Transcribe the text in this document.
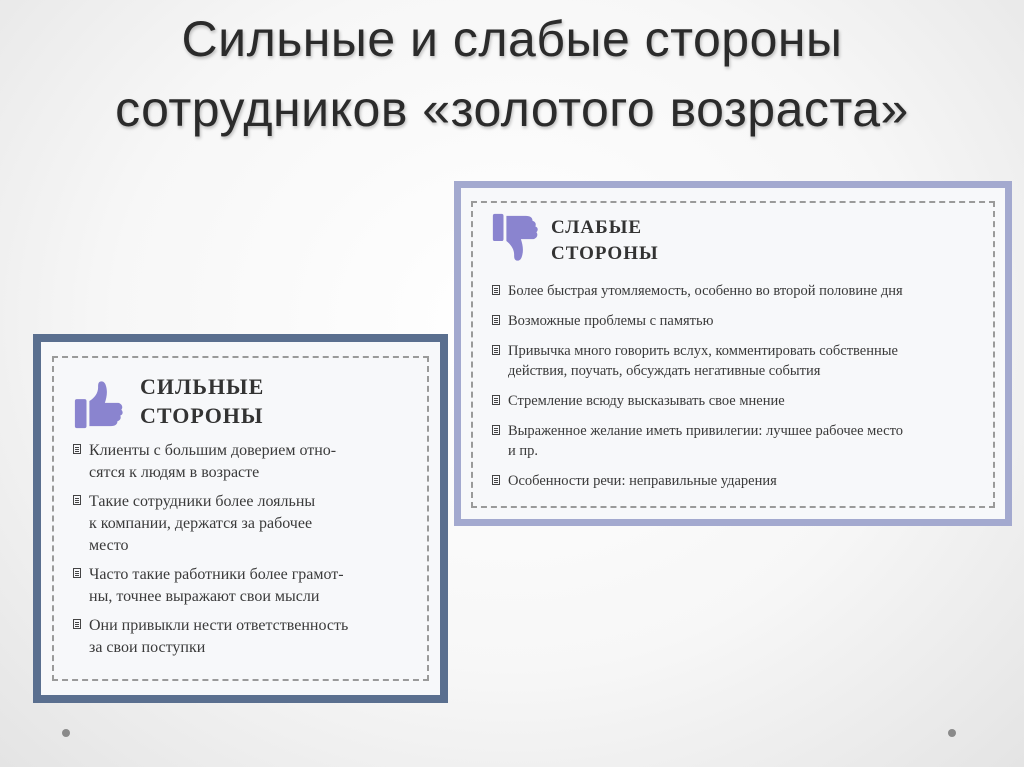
Сильные и слабые стороны
сотрудников «золотого возраста»
СЛАБЫЕ
СТОРОНЫ
Более быстрая утомляемость, особенно во второй половине дня
Возможные проблемы с памятью
Привычка много говорить вслух, комментировать собственные
действия, поучать, обсуждать негативные события
Стремление всюду высказывать свое мнение
Выраженное желание иметь привилегии: лучшее рабочее место
и пр.
Особенности речи: неправильные ударения
СИЛЬНЫЕ
СТОРОНЫ
Клиенты с большим доверием отно-
сятся к людям в возрасте
Такие сотрудники более лояльны
к компании, держатся за рабочее
место
Часто такие работники более грамот-
ны, точнее выражают свои мысли
Они привыкли нести ответственность
за свои поступки
